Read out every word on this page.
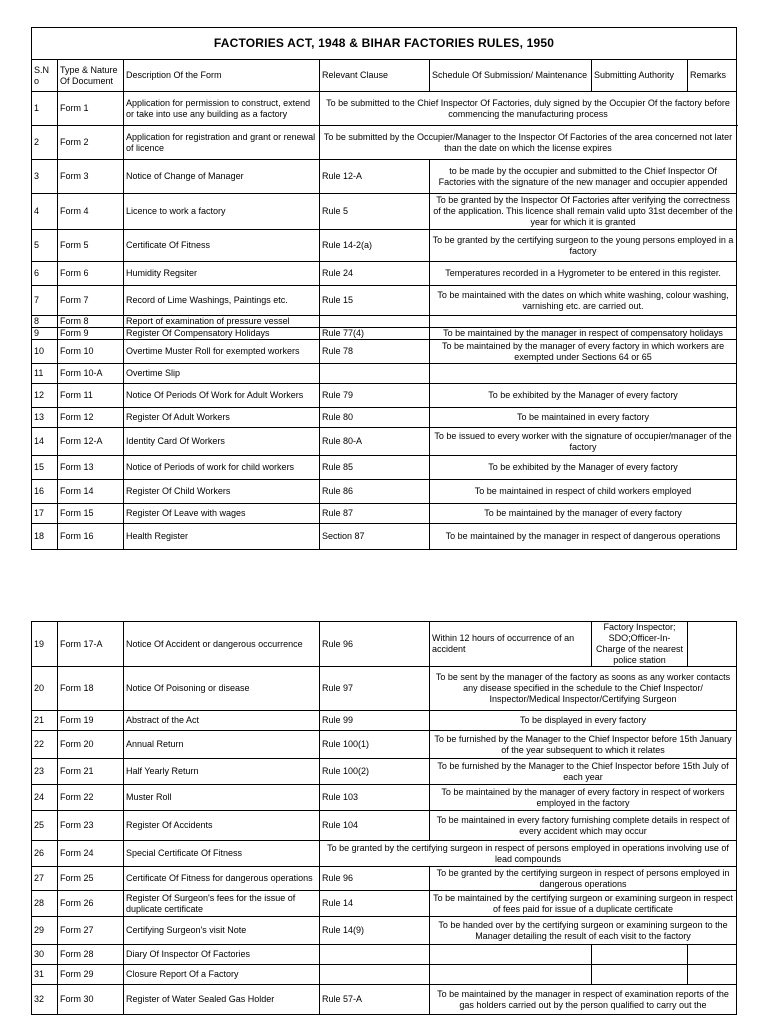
FACTORIES ACT, 1948 & BIHAR FACTORIES RULES, 1950							
S.N o	Type & Nature Of Document	Description Of the Form	Relevant Clause	Schedule Of Submission/ Maintenance	Submitting Authority	Remarks	
1	Form 1	Application for permission to construct, extend or take into use any building as a factory	To be submitted to the Chief Inspector Of Factories, duly signed by the Occupier Of the factory before commencing the manufacturing process				
2	Form 2	Application for registration and grant or renewal of licence	To be submitted by the Occupier/Manager to the Inspector Of Factories of the area concerned not later than the date on which the license expires				
3	Form 3	Notice of Change of Manager	Rule 12-A	to be made by the occupier and submitted to the Chief Inspector Of Factories with the signature of the new manager and occupier appended			
4	Form 4	Licence to work a factory	Rule 5	To be granted by the Inspector Of Factories after verifying the correctness of the application. This licence shall remain valid upto 31st december of the year for which it is granted			
5	Form 5	Certificate Of Fitness	Rule 14-2(a)	To be granted by the certifying surgeon to the young persons employed in a factory			
6	Form 6	Humidity Regsiter	Rule 24	Temperatures recorded in a Hygrometer to be entered in this register.			
7	Form 7	Record of Lime Washings, Paintings etc.	Rule 15	To be maintained with the dates on which white washing, colour washing, varnishing etc. are carried out.			
8	Form 8	Report of examination of pressure vessel					
9	Form 9	Register Of Compensatory Holidays	Rule 77(4)	To be maintained by the manager in respect of compensatory holidays			
10	Form 10	Overtime Muster Roll for exempted workers	Rule 78	To be maintained by the manager of every factory in which workers are exempted under Sections 64 or 65			
11	Form 10-A	Overtime Slip					
12	Form 11	Notice Of Periods Of Work for Adult Workers	Rule 79	To be exhibited by the Manager of every factory			
13	Form 12	Register Of Adult Workers	Rule 80	To be maintained in every factory			
14	Form 12-A	Identity Card Of Workers	Rule 80-A	To be issued to every worker with the signature of occupier/manager of the factory			
15	Form 13	Notice of Periods of work for child workers	Rule 85	To be exhibited by the Manager of every factory			
16	Form 14	Register Of Child Workers	Rule 86	To be maintained in respect of child workers employed			
17	Form 15	Register Of Leave with wages	Rule 87	To be maintained by the manager of every factory			
18	Form 16	Health Register	Section 87	To be maintained by the manager in respect of dangerous operations			
19	Form 17-A	Notice Of Accident or dangerous occurrence	Rule 96	Within 12 hours of occurrence of an accident	Factory Inspector; SDO;Officer-In-Charge of the nearest police station		
20	Form 18	Notice Of Poisoning or disease	Rule 97	To be sent by the manager of the factory as soons as any worker contacts any disease specified in the schedule to the Chief Inspector/ Inspector/Medical Inspector/Certifying Surgeon			
21	Form 19	Abstract of the Act	Rule 99	To be displayed in every factory			
22	Form 20	Annual Return	Rule 100(1)	To be furnished by the Manager to the Chief Inspector before 15th January of the year subsequent to which it relates			
23	Form 21	Half Yearly Return	Rule 100(2)	To be furnished by the Manager to the Chief Inspector before 15th July of each year			
24	Form 22	Muster Roll	Rule 103	To be maintained by the manager of every factory in respect of workers employed in the factory			
25	Form 23	Register Of Accidents	Rule 104	To be maintained in every factory furnishing complete details in respect of every accident which may occur			
26	Form 24	Special Certificate Of Fitness	To be granted by the certifying surgeon in respect of persons employed in operations involving use of lead compounds				
27	Form 25	Certificate Of Fitness for dangerous operations	Rule 96	To be granted by the certifying surgeon in respect of persons employed in dangerous operations			
28	Form 26	Register Of Surgeon's fees for the issue of duplicate certificate	Rule 14	To be maintained by the certifying surgeon or examining surgeon in respect of fees paid for issue of a duplicate certificate			
29	Form 27	Certifying Surgeon's visit Note	Rule 14(9)	To be handed over by the certifying surgeon or examining surgeon to the Manager detailing the result of each visit to the factory			
30	Form 28	Diary Of Inspector Of Factories					
31	Form 29	Closure Report Of a Factory					
32	Form 30	Register of Water Sealed Gas Holder	Rule 57-A	To be maintained by the manager in respect of examination reports of the gas holders carried out by the person qualified to carry out the			
